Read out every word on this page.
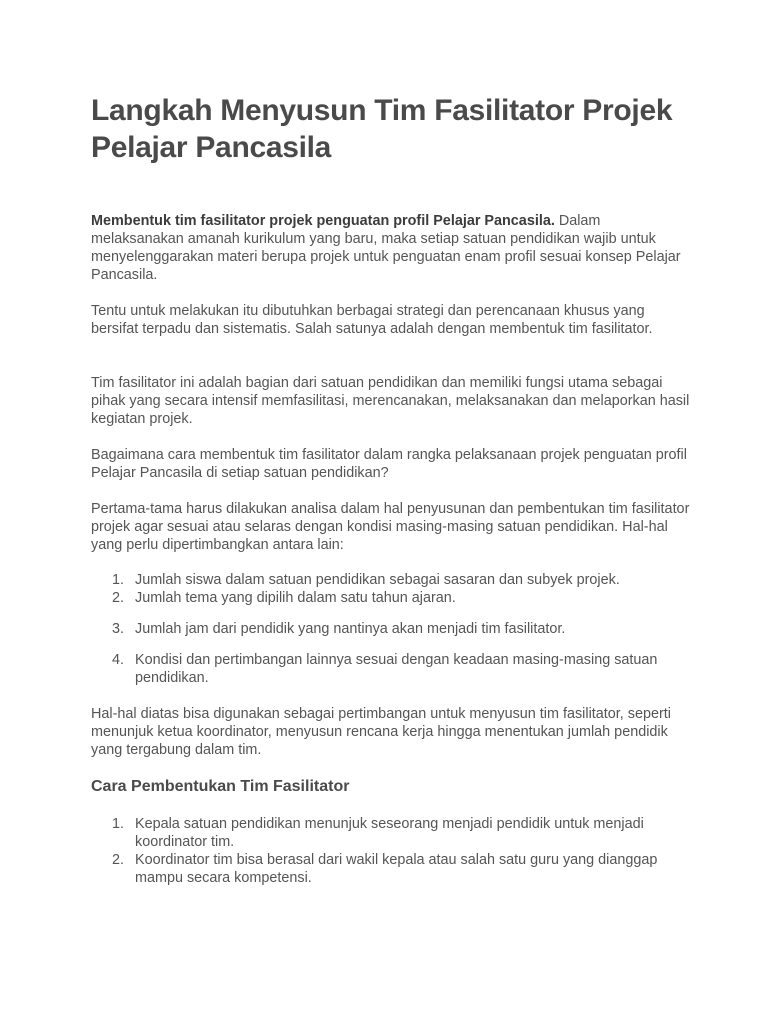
Langkah Menyusun Tim Fasilitator Projek Pelajar Pancasila

Membentuk tim fasilitator projek penguatan profil Pelajar Pancasila. Dalam melaksanakan amanah kurikulum yang baru, maka setiap satuan pendidikan wajib untuk menyelenggarakan materi berupa projek untuk penguatan enam profil sesuai konsep Pelajar Pancasila.

Tentu untuk melakukan itu dibutuhkan berbagai strategi dan perencanaan khusus yang bersifat terpadu dan sistematis. Salah satunya adalah dengan membentuk tim fasilitator.

Tim fasilitator ini adalah bagian dari satuan pendidikan dan memiliki fungsi utama sebagai pihak yang secara intensif memfasilitasi, merencanakan, melaksanakan dan melaporkan hasil kegiatan projek.

Bagaimana cara membentuk tim fasilitator dalam rangka pelaksanaan projek penguatan profil Pelajar Pancasila di setiap satuan pendidikan?

Pertama-tama harus dilakukan analisa dalam hal penyusunan dan pembentukan tim fasilitator projek agar sesuai atau selaras dengan kondisi masing-masing satuan pendidikan. Hal-hal yang perlu dipertimbangkan antara lain:

1. Jumlah siswa dalam satuan pendidikan sebagai sasaran dan subyek projek.
2. Jumlah tema yang dipilih dalam satu tahun ajaran.
3. Jumlah jam dari pendidik yang nantinya akan menjadi tim fasilitator.
4. Kondisi dan pertimbangan lainnya sesuai dengan keadaan masing-masing satuan pendidikan.

Hal-hal diatas bisa digunakan sebagai pertimbangan untuk menyusun tim fasilitator, seperti menunjuk ketua koordinator, menyusun rencana kerja hingga menentukan jumlah pendidik yang tergabung dalam tim.

Cara Pembentukan Tim Fasilitator
1. Kepala satuan pendidikan menunjuk seseorang menjadi pendidik untuk menjadi koordinator tim.
2. Koordinator tim bisa berasal dari wakil kepala atau salah satu guru yang dianggap mampu secara kompetensi.
